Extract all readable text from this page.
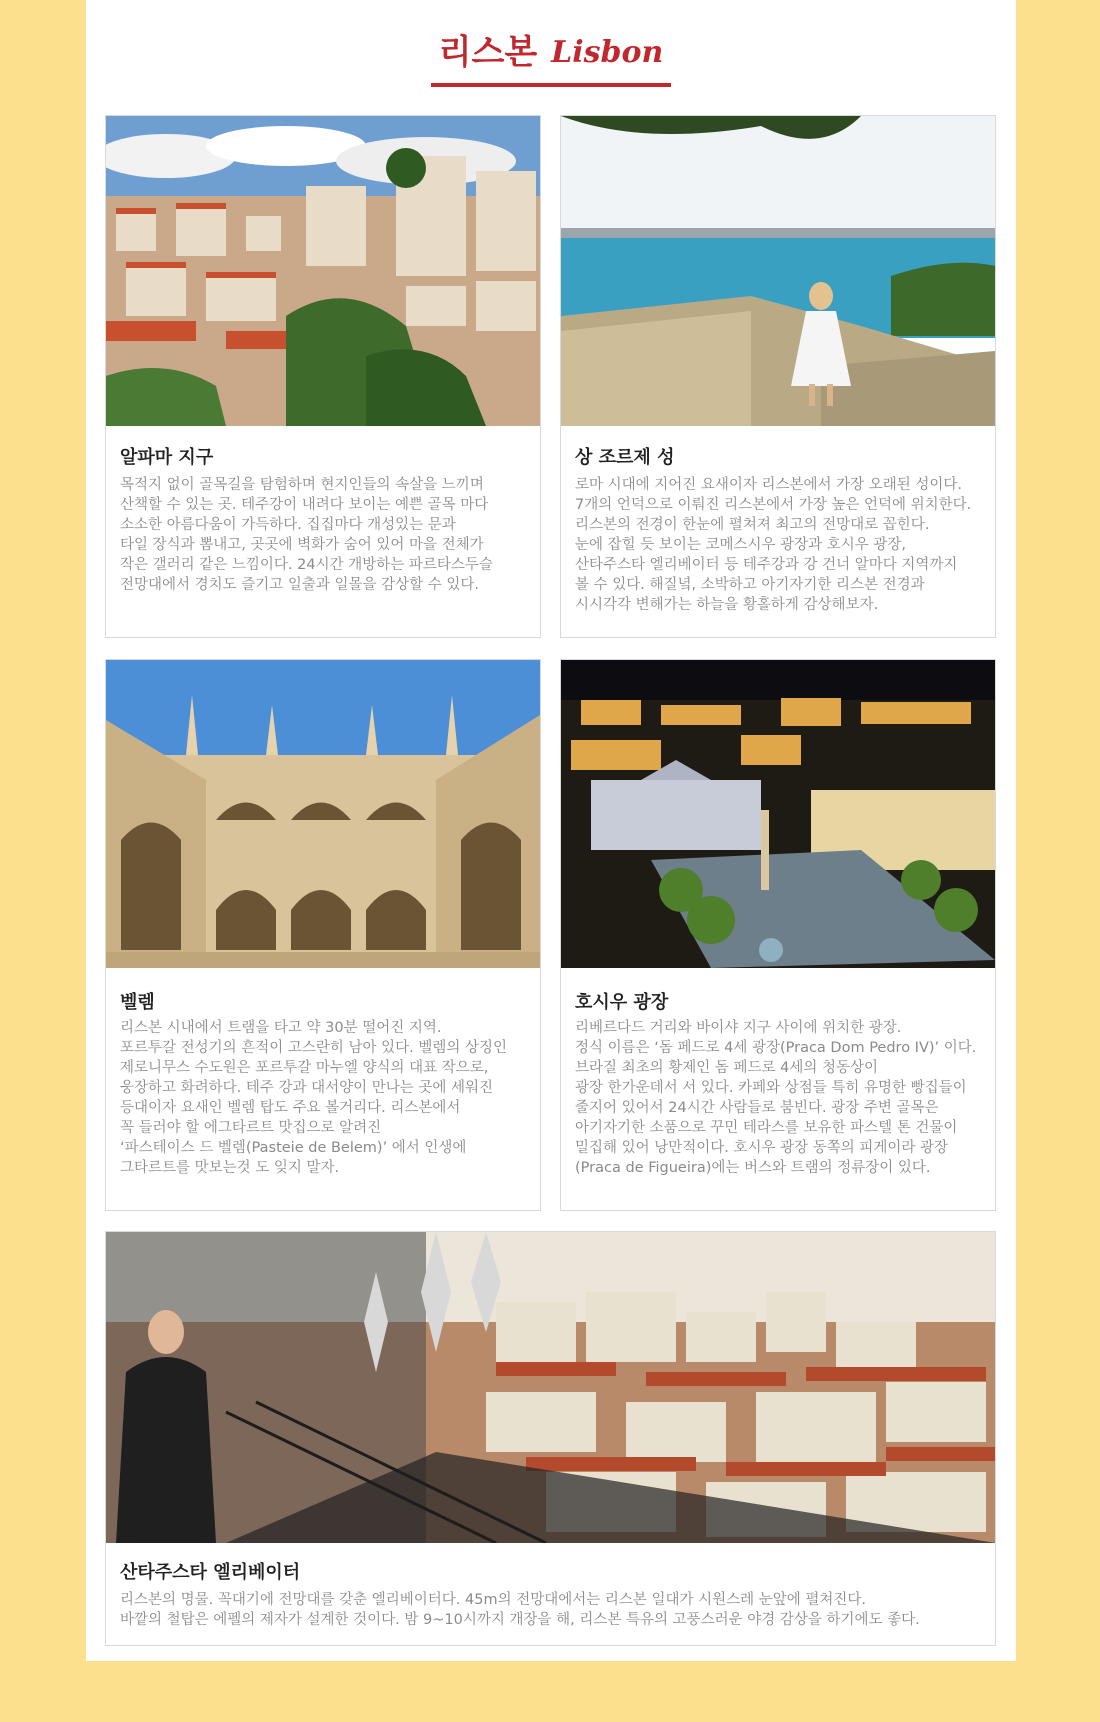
리스본 Lisbon
알파마 지구

목적지 없이 골목길을 탐험하며 현지인들의 속살을 느끼며

산책할 수 있는 곳. 테주강이 내려다 보이는 예쁜 골목 마다

소소한 아름다움이 가득하다. 집집마다 개성있는 문과

타일 장식과 뽐내고, 곳곳에 벽화가 숨어 있어 마을 전체가

작은 갤러리 같은 느낌이다. 24시간 개방하는 파르타스두슬

전망대에서 경치도 즐기고 일출과 일몰을 감상할 수 있다.

상 조르제 성

로마 시대에 지어진 요새이자 리스본에서 가장 오래된 성이다.

7개의 언덕으로 이뤄진 리스본에서 가장 높은 언덕에 위치한다.

리스본의 전경이 한눈에 펼쳐져 최고의 전망대로 꼽힌다.

눈에 잡힐 듯 보이는 코메스시우 광장과 호시우 광장,

산타주스타 엘리베이터 등 테주강과 강 건너 알마다 지역까지

볼 수 있다. 해질녘, 소박하고 아기자기한 리스본 전경과

시시각각 변해가는 하늘을 황홀하게 감상해보자.

벨렘

리스본 시내에서 트램을 타고 약 30분 떨어진 지역.

포르투갈 전성기의 흔적이 고스란히 남아 있다. 벨렘의 상징인

제로니무스 수도원은 포르투갈 마누엘 양식의 대표 작으로,

웅장하고 화려하다. 테주 강과 대서양이 만나는 곳에 세워진

등대이자 요새인 벨렘 탑도 주요 볼거리다. 리스본에서

꼭 들러야 할 에그타르트 맛집으로 알려진

‘파스테이스 드 벨렘(Pasteie de Belem)’ 에서 인생에

그타르트를 맛보는것 도 잊지 말자.

호시우 광장

리베르다드 거리와 바이샤 지구 사이에 위치한 광장.

정식 이름은 ‘돔 페드로 4세 광장(Praca Dom Pedro IV)’ 이다.

브라질 최초의 황제인 돔 페드로 4세의 청동상이

광장 한가운데서 서 있다. 카페와 상점들 특히 유명한 빵집들이

줄지어 있어서 24시간 사람들로 붐빈다. 광장 주변 골목은

아기자기한 소품으로 꾸민 테라스를 보유한 파스텔 톤 건물이

밀집해 있어 낭만적이다. 호시우 광장 동쪽의 피게이라 광장

(Praca de Figueira)에는 버스와 트램의 정류장이 있다.

산타주스타 엘리베이터

리스본의 명물. 꼭대기에 전망대를 갖춘 엘리베이터다. 45m의 전망대에서는 리스본 일대가 시원스레 눈앞에 펼쳐진다.

바깥의 철탑은 에펠의 제자가 설계한 것이다. 밤 9~10시까지 개장을 해, 리스본 특유의 고풍스러운 야경 감상을 하기에도 좋다.
